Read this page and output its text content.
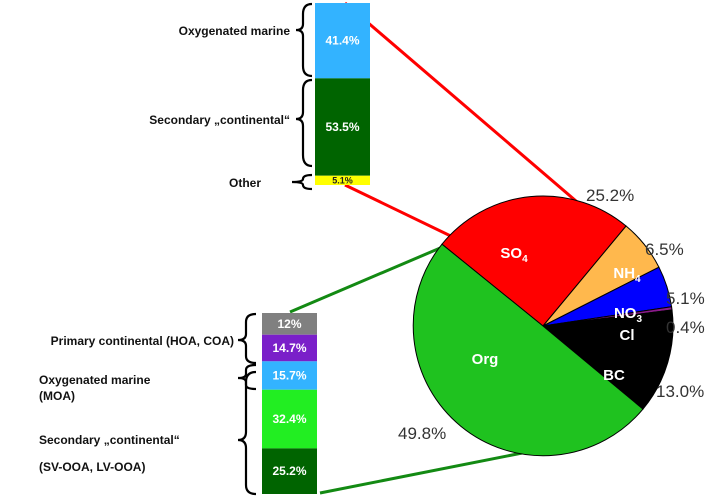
$SO_4$
25.2%
$NH_4$
6.5%
$NO_3$
5.1%
Cl 0.4%
BC
13.0%
Org
49.8%
41.4%
53.5%
5.1%
12%
14.7%
15.7%
32.4%
25.2%
Oxygenated marine
Secondary „continental“
Other
Primary continental (HOA, COA)
Oxygenated marine
(MOA)
Secondary „continental“
(SV-OOA, LV-OOA)
